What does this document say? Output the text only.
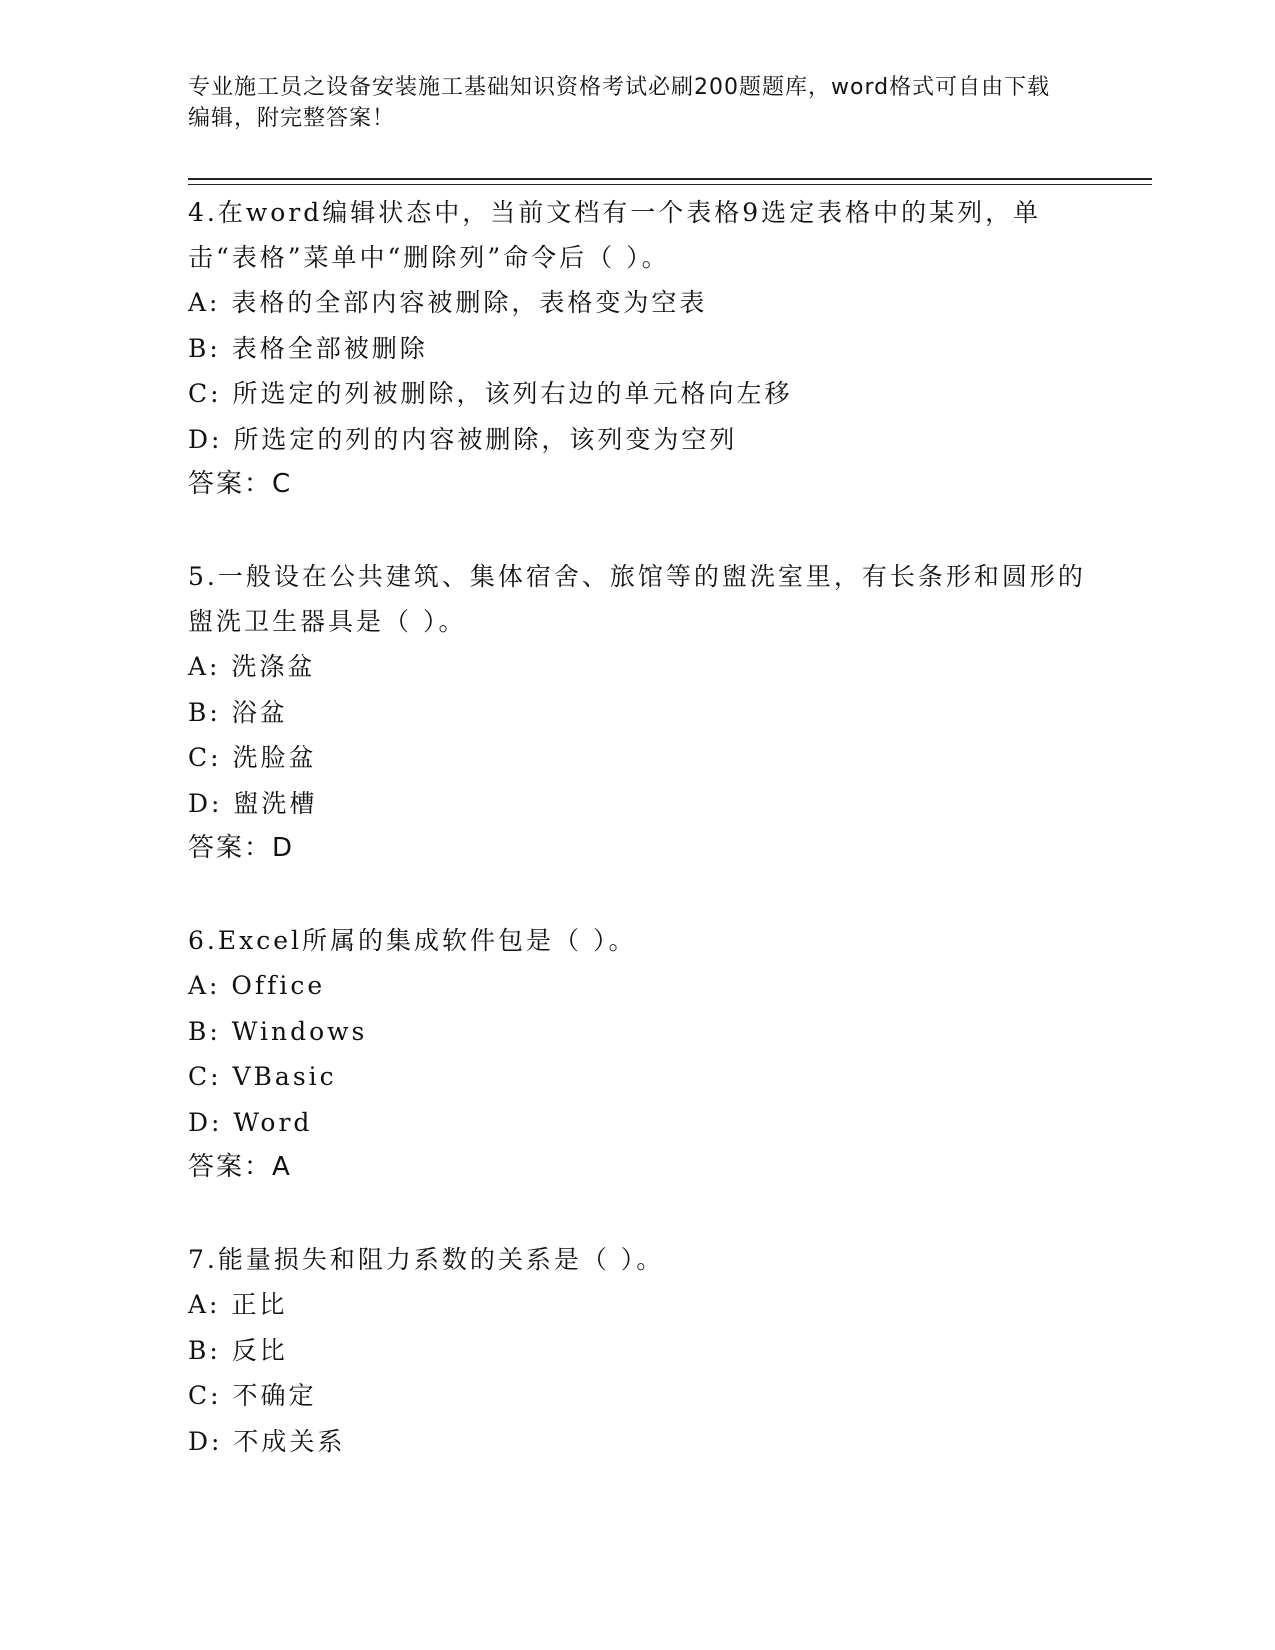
专业施工员之设备安装施工基础知识资格考试必刷200题题库，word格式可自由下载编辑，附完整答案！
4.在word编辑状态中，当前文档有一个表格9选定表格中的某列，单击“表格”菜单中“删除列”命令后（ ）。
A: 表格的全部内容被删除，表格变为空表
B: 表格全部被删除
C: 所选定的列被删除，该列右边的单元格向左移
D: 所选定的列的内容被删除，该列变为空列
答案：C
5.一般设在公共建筑、集体宿舍、旅馆等的盥洗室里，有长条形和圆形的盥洗卫生器具是（ ）。
A: 洗涤盆
B: 浴盆
C: 洗脸盆
D: 盥洗槽
答案：D
6.Excel所属的集成软件包是（ ）。
A: Office
B: Windows
C: VBasic
D: Word
答案：A
7.能量损失和阻力系数的关系是（ ）。
A: 正比
B: 反比
C: 不确定
D: 不成关系
